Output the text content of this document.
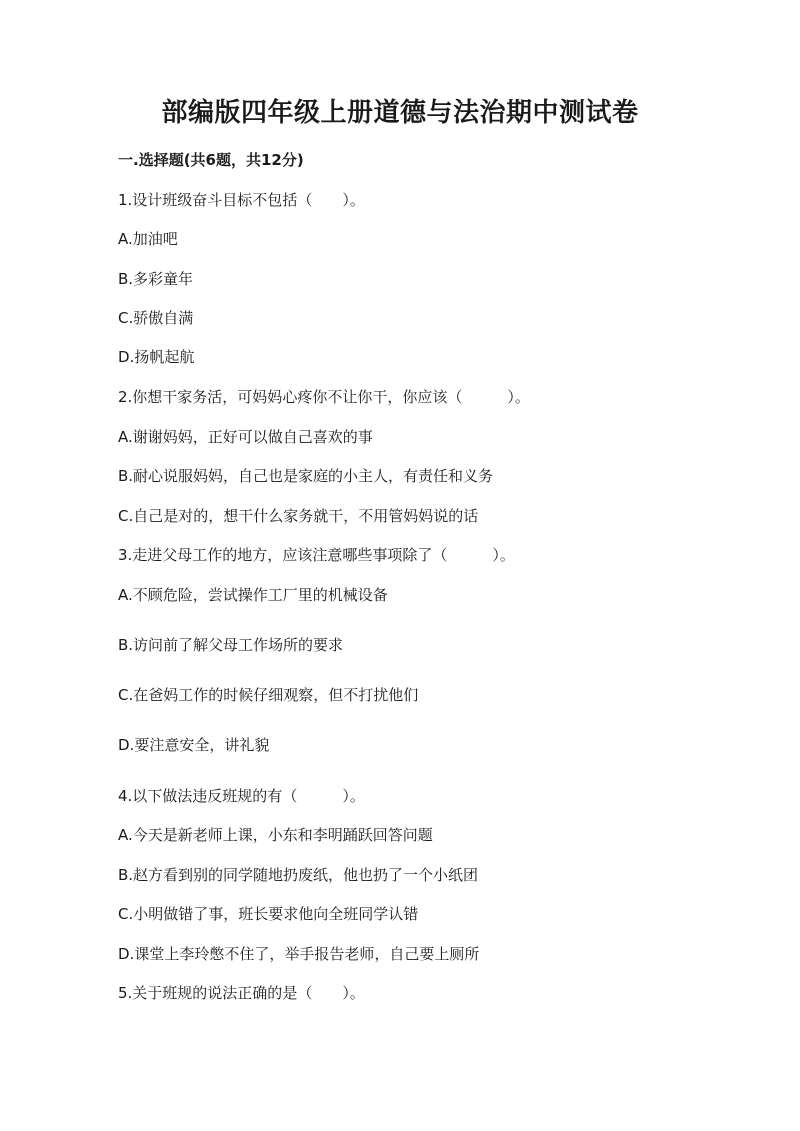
部编版四年级上册道德与法治期中测试卷
一.选择题(共6题，共12分)
1.设计班级奋斗目标不包括（　　）。
A.加油吧
B.多彩童年
C.骄傲自满
D.扬帆起航
2.你想干家务活，可妈妈心疼你不让你干，你应该（　　　）。
A.谢谢妈妈，正好可以做自己喜欢的事
B.耐心说服妈妈，自己也是家庭的小主人，有责任和义务
C.自己是对的，想干什么家务就干，不用管妈妈说的话
3.走进父母工作的地方，应该注意哪些事项除了（　　　）。
A.不顾危险，尝试操作工厂里的机械设备
B.访问前了解父母工作场所的要求
C.在爸妈工作的时候仔细观察，但不打扰他们
D.要注意安全，讲礼貌
4.以下做法违反班规的有（　　　）。
A.今天是新老师上课，小东和李明踊跃回答问题
B.赵方看到别的同学随地扔废纸，他也扔了一个小纸团
C.小明做错了事，班长要求他向全班同学认错
D.课堂上李玲憋不住了，举手报告老师，自己要上厕所
5.关于班规的说法正确的是（　　）。
